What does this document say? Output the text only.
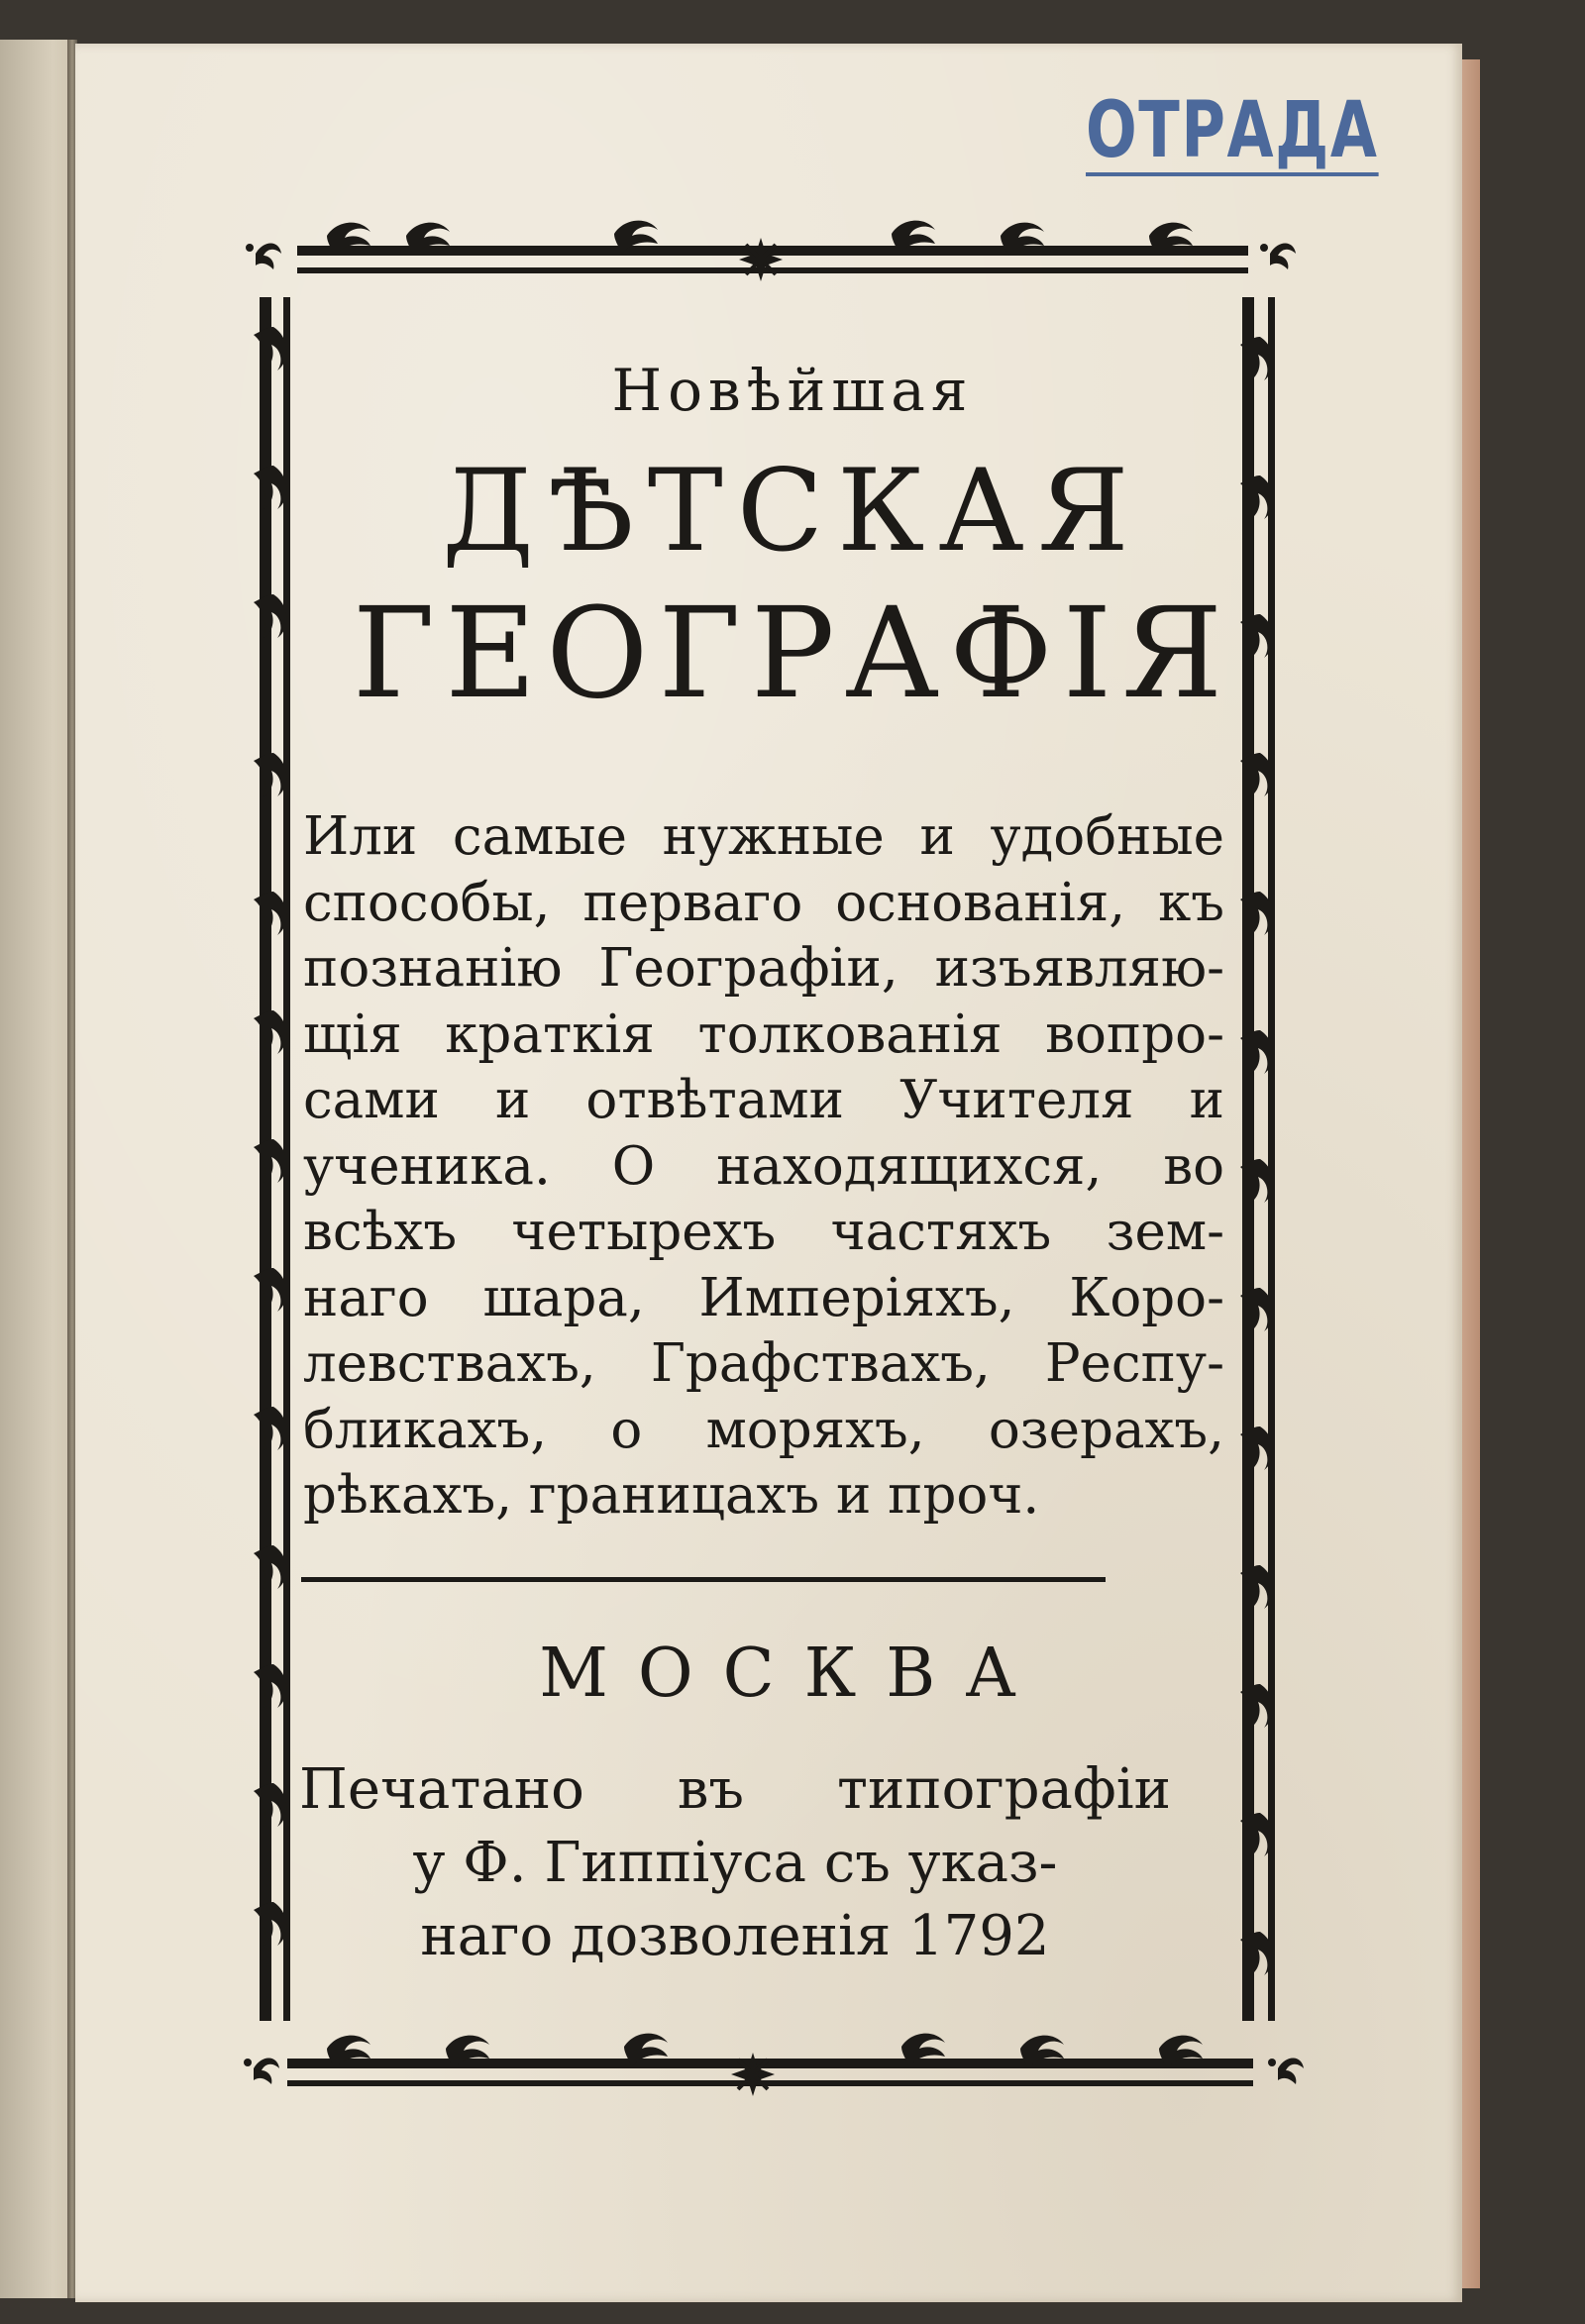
ОТРАДА

Новѣйшая

ДѢТСКАЯ

ГЕОГРАФІЯ

Или самые нужные и удобные
способы, перваго основанія, къ
познанію Географіи, изъявляю-
щія краткія толкованія вопро-
сами и отвѣтами Учителя и
ученика. О находящихся, во
всѣхъ четырехъ частяхъ зем-
наго шара, Имперіяхъ, Коро-
левствахъ, Графствахъ, Респу-
бликахъ, о моряхъ, озерахъ,
рѣкахъ, границахъ и проч.
МОСКВА
Печатано въ типографіи
у Ф. Гиппіуса съ указ-
наго дозволенія 1792
